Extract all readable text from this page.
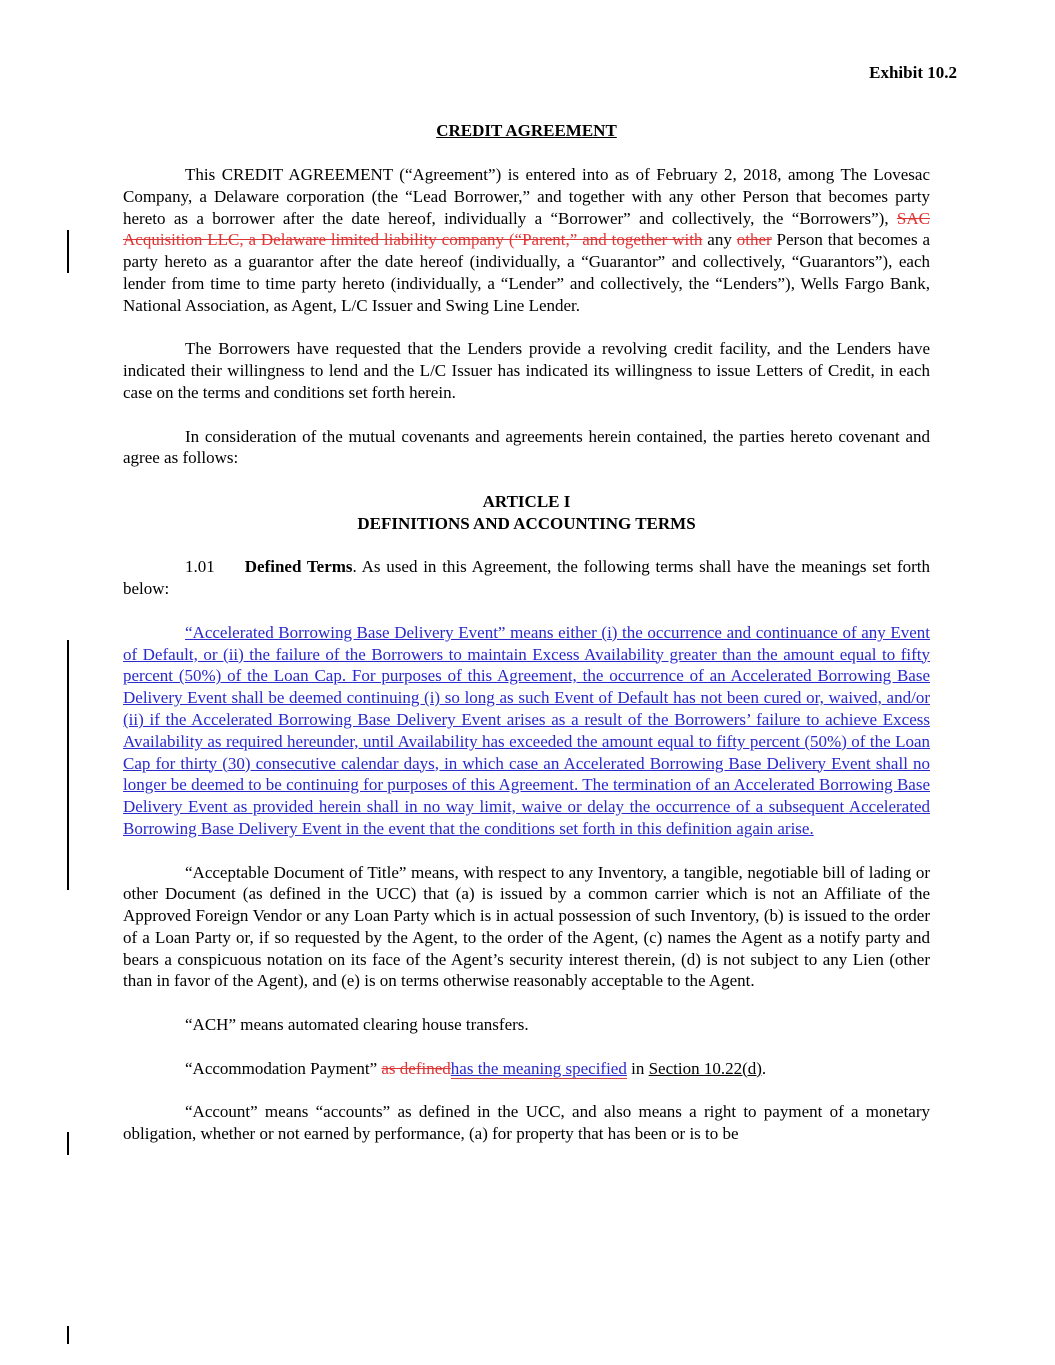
Exhibit 10.2
CREDIT AGREEMENT
This CREDIT AGREEMENT (“Agreement”) is entered into as of February 2, 2018, among The Lovesac Company, a Delaware corporation (the “Lead Borrower,” and together with any other Person that becomes party hereto as a borrower after the date hereof, individually a “Borrower” and collectively, the “Borrowers”), SAC Acquisition LLC, a Delaware limited liability company (“Parent,” and together with any other Person that becomes a party hereto as a guarantor after the date hereof (individually, a “Guarantor” and collectively, “Guarantors”), each lender from time to time party hereto (individually, a “Lender” and collectively, the “Lenders”), Wells Fargo Bank, National Association, as Agent, L/C Issuer and Swing Line Lender.
The Borrowers have requested that the Lenders provide a revolving credit facility, and the Lenders have indicated their willingness to lend and the L/C Issuer has indicated its willingness to issue Letters of Credit, in each case on the terms and conditions set forth herein.
In consideration of the mutual covenants and agreements herein contained, the parties hereto covenant and agree as follows:
ARTICLE I
DEFINITIONS AND ACCOUNTING TERMS
1.01 Defined Terms. As used in this Agreement, the following terms shall have the meanings set forth below:
“Accelerated Borrowing Base Delivery Event” means either (i) the occurrence and continuance of any Event of Default, or (ii) the failure of the Borrowers to maintain Excess Availability greater than the amount equal to fifty percent (50%) of the Loan Cap. For purposes of this Agreement, the occurrence of an Accelerated Borrowing Base Delivery Event shall be deemed continuing (i) so long as such Event of Default has not been cured or, waived, and/or (ii) if the Accelerated Borrowing Base Delivery Event arises as a result of the Borrowers’ failure to achieve Excess Availability as required hereunder, until Availability has exceeded the amount equal to fifty percent (50%) of the Loan Cap for thirty (30) consecutive calendar days, in which case an Accelerated Borrowing Base Delivery Event shall no longer be deemed to be continuing for purposes of this Agreement. The termination of an Accelerated Borrowing Base Delivery Event as provided herein shall in no way limit, waive or delay the occurrence of a subsequent Accelerated Borrowing Base Delivery Event in the event that the conditions set forth in this definition again arise.
“Acceptable Document of Title” means, with respect to any Inventory, a tangible, negotiable bill of lading or other Document (as defined in the UCC) that (a) is issued by a common carrier which is not an Affiliate of the Approved Foreign Vendor or any Loan Party which is in actual possession of such Inventory, (b) is issued to the order of a Loan Party or, if so requested by the Agent, to the order of the Agent, (c) names the Agent as a notify party and bears a conspicuous notation on its face of the Agent’s security interest therein, (d) is not subject to any Lien (other than in favor of the Agent), and (e) is on terms otherwise reasonably acceptable to the Agent.
“ACH” means automated clearing house transfers.
“Accommodation Payment” as definedhas the meaning specified in Section 10.22(d).
“Account” means “accounts” as defined in the UCC, and also means a right to payment of a monetary obligation, whether or not earned by performance, (a) for property that has been or is to be
